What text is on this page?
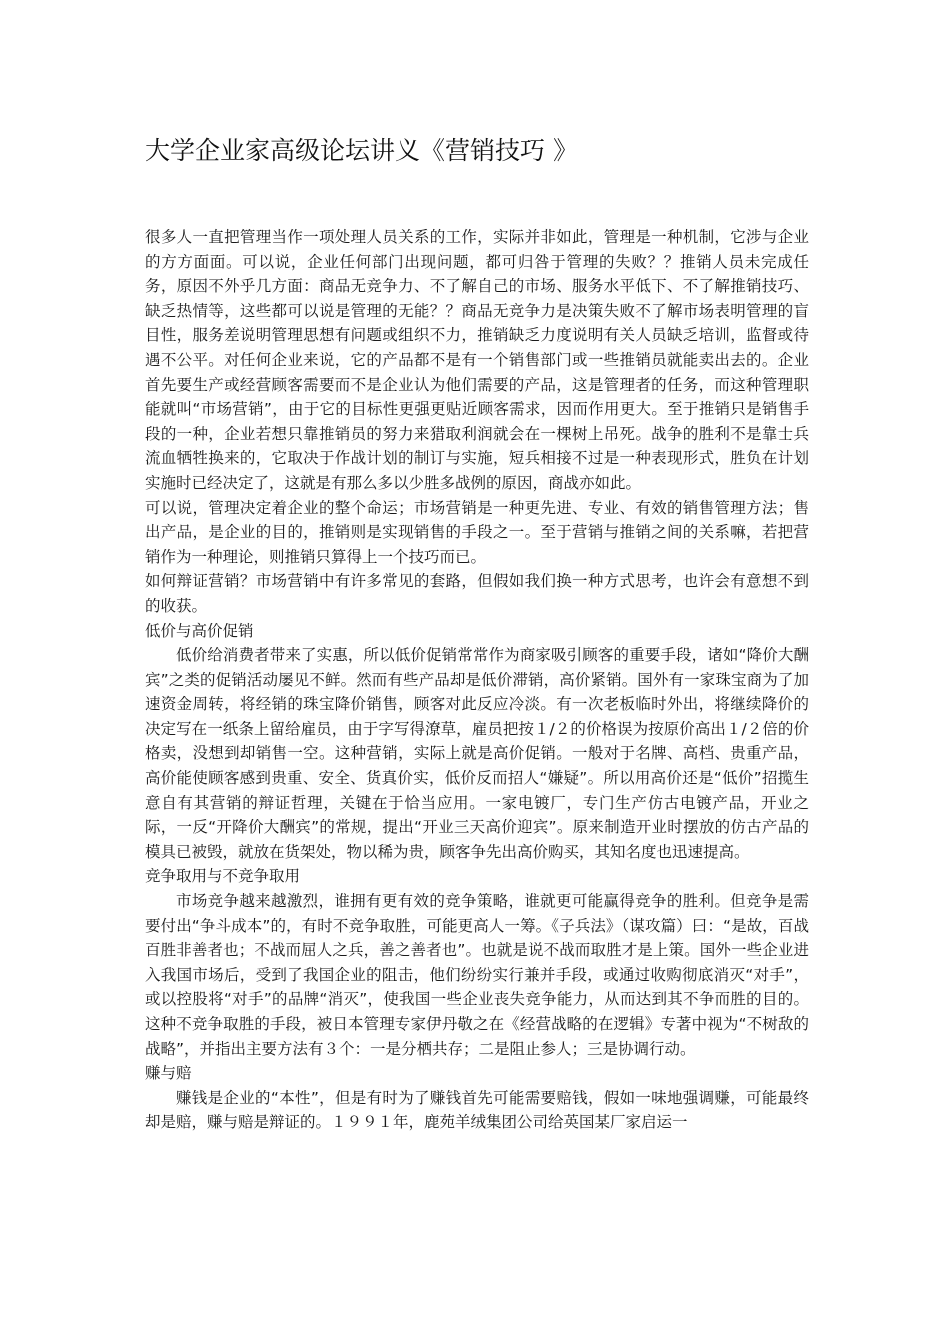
大学企业家高级论坛讲义《营销技巧 》

很多人一直把管理当作一项处理人员关系的工作，实际并非如此，管理是一种机制，它涉与企业的方方面面。可以说，企业任何部门出现问题，都可归咎于管理的失败？？推销人员未完成任务，原因不外乎几方面：商品无竞争力、不了解自己的市场、服务水平低下、不了解推销技巧、缺乏热情等，这些都可以说是管理的无能？？商品无竞争力是决策失败不了解市场表明管理的盲目性，服务差说明管理思想有问题或组织不力，推销缺乏力度说明有关人员缺乏培训，监督或待遇不公平。对任何企业来说，它的产品都不是有一个销售部门或一些推销员就能卖出去的。企业首先要生产或经营顾客需要而不是企业认为他们需要的产品，这是管理者的任务，而这种管理职能就叫“市场营销”，由于它的目标性更强更贴近顾客需求，因而作用更大。至于推销只是销售手段的一种，企业若想只靠推销员的努力来猎取利润就会在一棵树上吊死。战争的胜利不是靠士兵流血牺牲换来的，它取决于作战计划的制订与实施，短兵相接不过是一种表现形式，胜负在计划实施时已经决定了，这就是有那么多以少胜多战例的原因，商战亦如此。

可以说，管理决定着企业的整个命运；市场营销是一种更先进、专业、有效的销售管理方法；售出产品，是企业的目的，推销则是实现销售的手段之一。至于营销与推销之间的关系嘛，若把营销作为一种理论，则推销只算得上一个技巧而已。

如何辩证营销？市场营销中有许多常见的套路，但假如我们换一种方式思考，也许会有意想不到的收获。

低价与高价促销

低价给消费者带来了实惠，所以低价促销常常作为商家吸引顾客的重要手段，诸如“降价大酬宾”之类的促销活动屡见不鲜。然而有些产品却是低价滞销，高价紧销。国外有一家珠宝商为了加速资金周转，将经销的珠宝降价销售，顾客对此反应冷淡。有一次老板临时外出，将继续降价的决定写在一纸条上留给雇员，由于字写得潦草，雇员把按１/２的价格误为按原价高出１/２倍的价格卖，没想到却销售一空。这种营销，实际上就是高价促销。一般对于名牌、高档、贵重产品，高价能使顾客感到贵重、安全、货真价实，低价反而招人“嫌疑”。所以用高价还是“低价”招揽生意自有其营销的辩证哲理，关键在于恰当应用。一家电镀厂，专门生产仿古电镀产品，开业之际，一反“开降价大酬宾”的常规，提出“开业三天高价迎宾”。原来制造开业时摆放的仿古产品的模具已被毁，就放在货架处，物以稀为贵，顾客争先出高价购买，其知名度也迅速提高。

竞争取用与不竞争取用

市场竞争越来越激烈，谁拥有更有效的竞争策略，谁就更可能赢得竞争的胜利。但竞争是需要付出“争斗成本”的，有时不竞争取胜，可能更高人一筹。《子兵法》（谋攻篇）曰：“是故，百战百胜非善者也；不战而屈人之兵，善之善者也”。也就是说不战而取胜才是上策。国外一些企业进入我国市场后，受到了我国企业的阻击，他们纷纷实行兼并手段，或通过收购彻底消灭“对手”，或以控股将“对手”的品牌“消灭”，使我国一些企业丧失竞争能力，从而达到其不争而胜的目的。这种不竞争取胜的手段，被日本管理专家伊丹敬之在《经营战略的在逻辑》专著中视为“不树敌的战略”，并指出主要方法有３个：一是分栖共存；二是阻止参人；三是协调行动。

赚与赔

赚钱是企业的“本性”，但是有时为了赚钱首先可能需要赔钱，假如一味地强调赚，可能最终却是赔，赚与赔是辩证的。１９９１年，鹿苑羊绒集团公司给英国某厂家启运一
